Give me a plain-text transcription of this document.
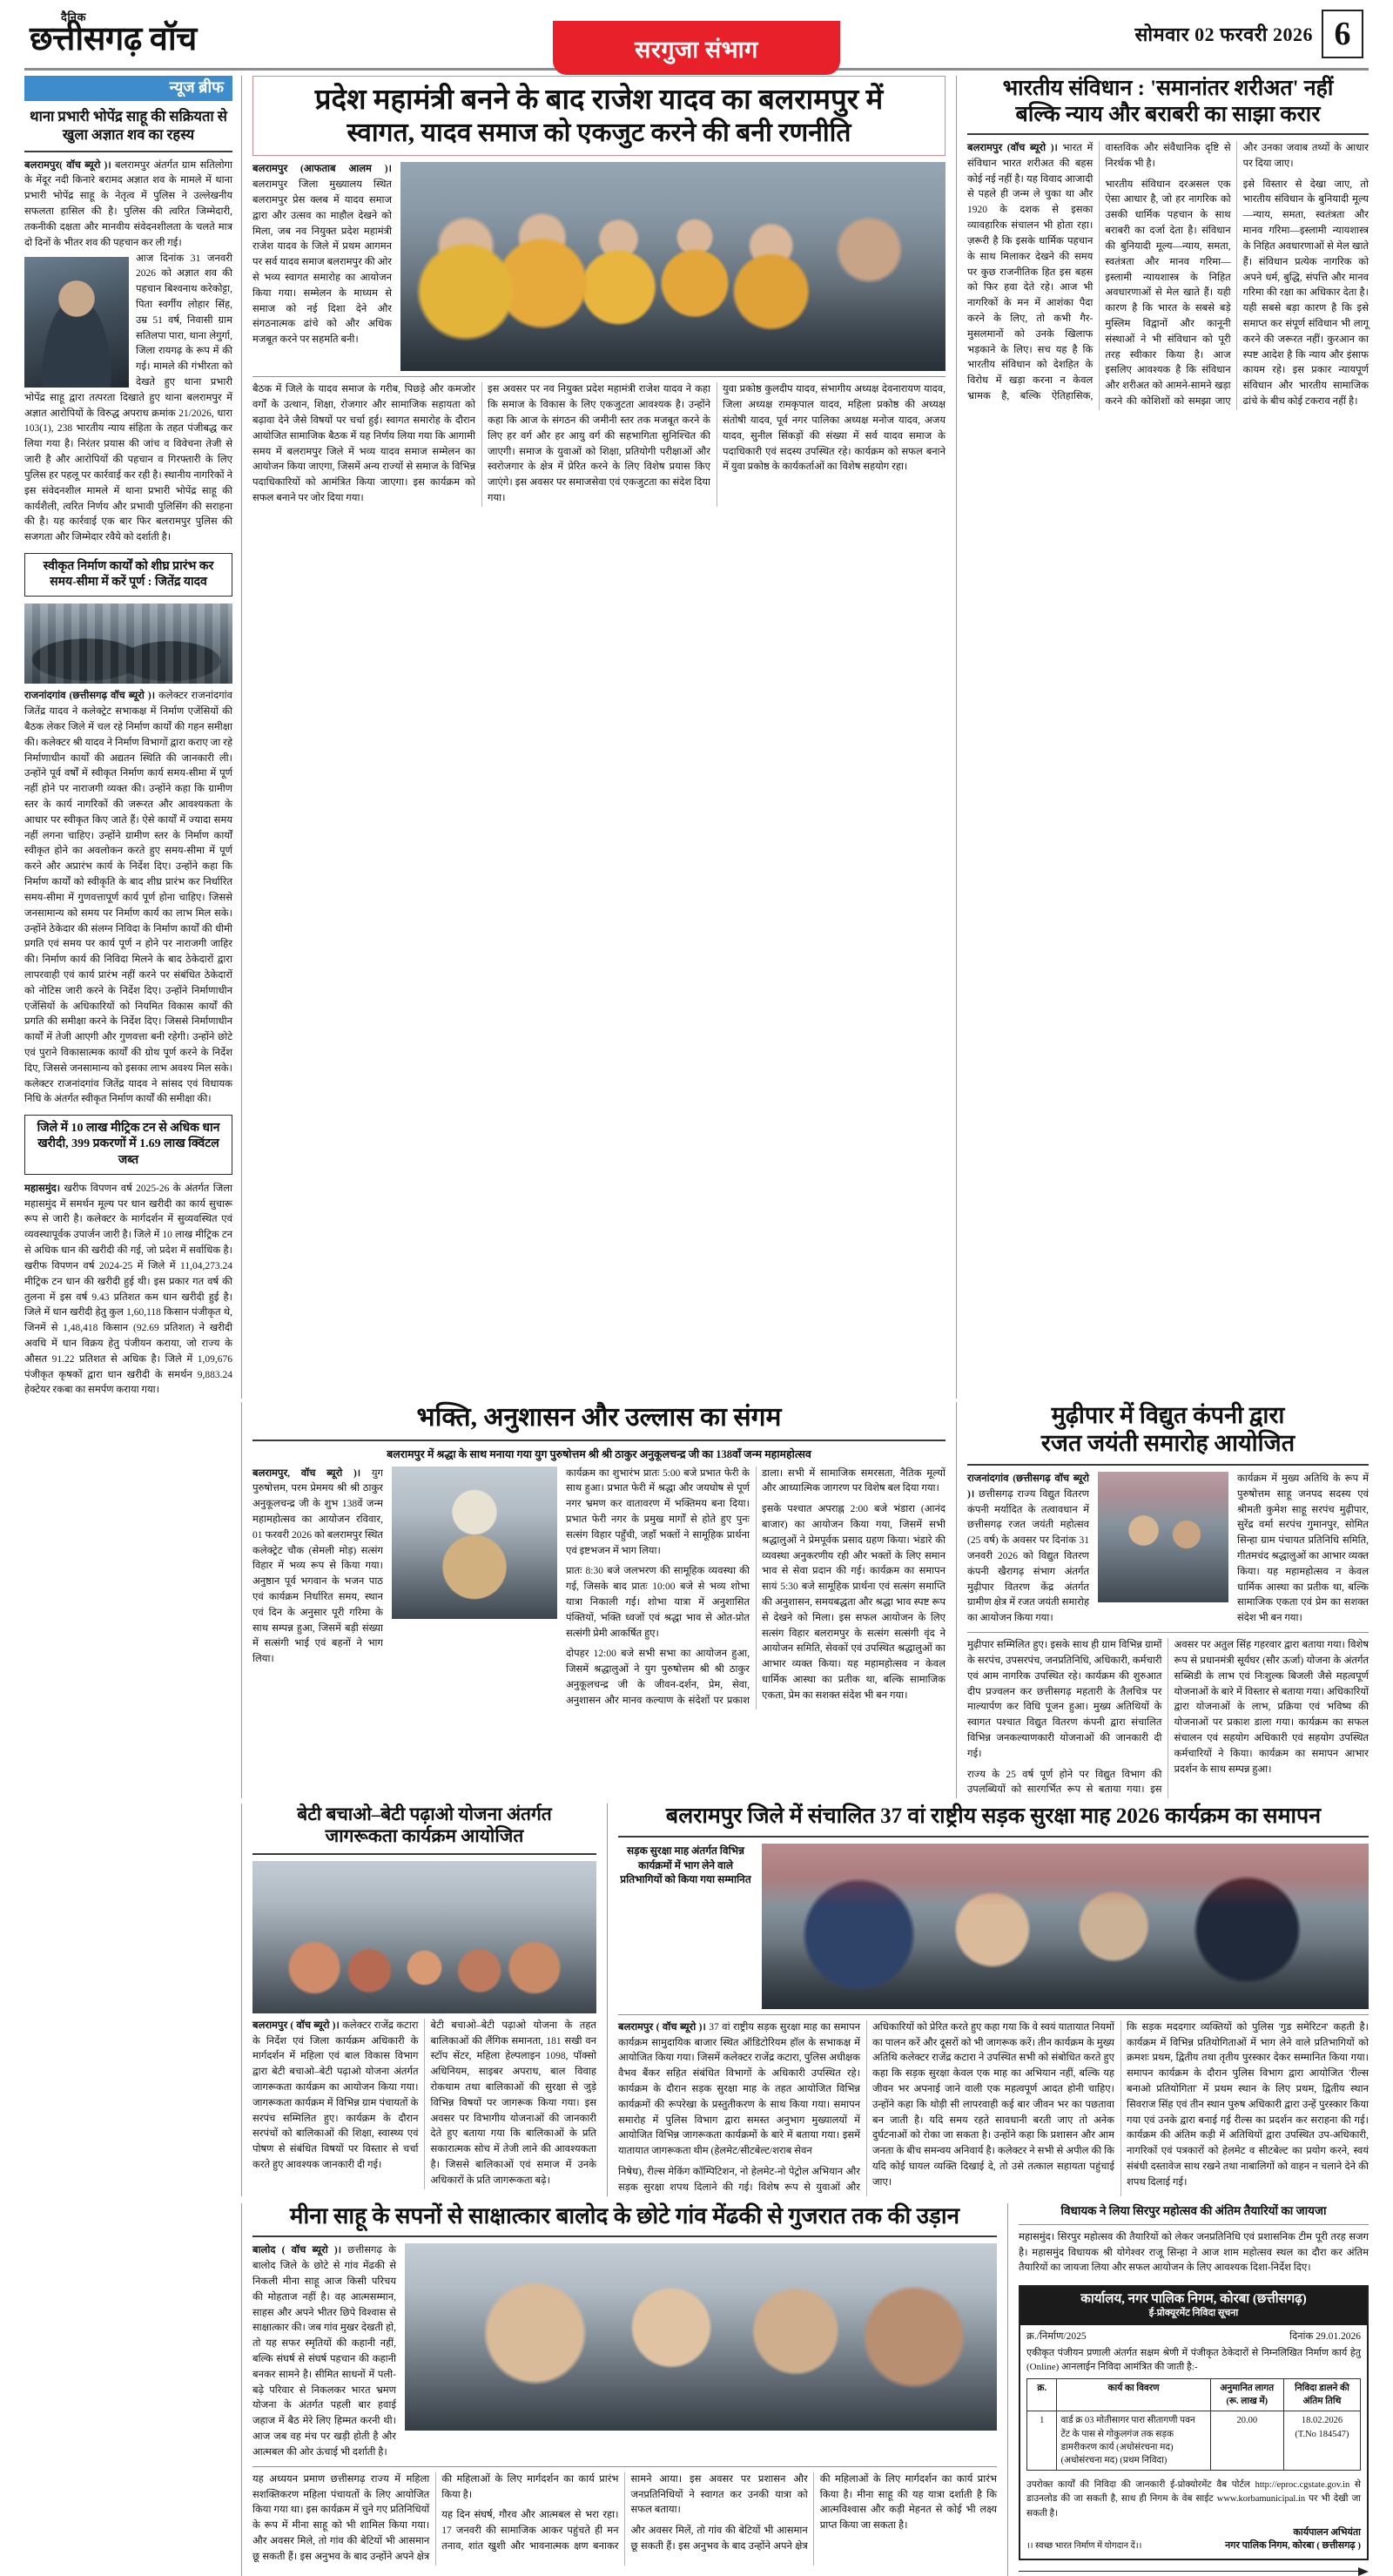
दैनिक
छत्तीसगढ़ वॉच	सरगुजा संभाग
सोमवार 02 फरवरी 2026 6
न्यूज ब्रीफ
थाना प्रभारी भाेपेंद्र साहू की सक्रियता से खुला अज्ञात शव का रहस्य
बलरामपुर( वॉच ब्यूरो )। बलरामपुर अंतर्गत ग्राम सतिलोगा के मेंदूर नदी किनारे बरामद अज्ञात शव के मामले में थाना प्रभारी भाेपेंद्र साहू के नेतृत्व में पुलिस ने उल्लेखनीय सफलता हासिल की है। पुलिस की त्वरित जिम्मेदारी, तकनीकी दक्षता और मानवीय संवेदनशीलता के चलते मात्र दो दिनों के भीतर शव की पहचान कर ली गई।
आज दिनांक 31 जनवरी 2026 को अज्ञात शव की पहचान बिश्वनाथ करेकोट्टा, पिता स्वर्गीय लोहार सिंह, उम्र 51 वर्ष, निवासी ग्राम सतिलपा पारा, थाना लेगुर्गा, जिला रायगढ़ के रूप में की गई। मामले की गंभीरता को देखते हुए थाना प्रभारी भाेपेंद्र साहू द्वारा तत्परता दिखाते हुए थाना बलरामपुर में अज्ञात आरोपियों के विरुद्ध अपराध क्रमांक 21/2026, धारा 103(1), 238 भारतीय न्याय संहिता के तहत पंजीबद्ध कर लिया गया है। निरंतर प्रयास की जांच व विवेचना तेजी से जारी है और आरोपियों की पहचान व गिरफ्तारी के लिए पुलिस हर पहलू पर कार्रवाई कर रही है। स्थानीय नागरिकों ने इस संवेदनशील मामले में थाना प्रभारी भाेपेंद्र साहू की कार्यशैली, त्वरित निर्णय और प्रभावी पुलिसिंग की सराहना की है। यह कार्रवाई एक बार फिर बलरामपुर पुलिस की सजगता और जिम्मेदार रवैये को दर्शाती है।
स्वीकृत निर्माण कार्यों को शीघ्र प्रारंभ कर समय-सीमा में करें पूर्ण : जितेंद्र यादव
राजनांदगांव (छत्तीसगढ़ वॉच ब्यूरो )। कलेक्टर राजनांदगांव जितेंद्र यादव ने कलेक्ट्रेट सभाकक्ष में निर्माण एजेंसियों की बैठक लेकर जिले में चल रहे निर्माण कार्यों की गहन समीक्षा की। कलेक्टर श्री यादव ने निर्माण विभागों द्वारा कराए जा रहे निर्माणाधीन कार्यों की अद्यतन स्थिति की जानकारी ली। उन्होंने पूर्व वर्षों में स्वीकृत निर्माण कार्य समय-सीमा में पूर्ण नहीं होने पर नाराजगी व्यक्त की। उन्होंने कहा कि ग्रामीण स्तर के कार्य नागरिकों की जरूरत और आवश्यकता के आधार पर स्वीकृत किए जाते हैं। ऐसे कार्यों में ज्यादा समय नहीं लगना चाहिए। उन्होंने ग्रामीण स्तर के निर्माण कार्यों स्वीकृत होने का अवलोकन करते हुए समय-सीमा में पूर्ण करने और अप्रारंभ कार्य के निर्देश दिए। उन्होंने कहा कि निर्माण कार्यों को स्वीकृति के बाद शीघ्र प्रारंभ कर निर्धारित समय-सीमा में गुणवत्तापूर्ण कार्य पूर्ण होना चाहिए। जिससे जनसामान्य को समय पर निर्माण कार्य का लाभ मिल सके। उन्होंने ठेकेदार की संलग्न निविदा के निर्माण कार्यों की धीमी प्रगति एवं समय पर कार्य पूर्ण न होने पर नाराजगी जाहिर की। निर्माण कार्य की निविदा मिलने के बाद ठेकेदारों द्वारा लापरवाही एवं कार्य प्रारंभ नहीं करने पर संबंधित ठेकेदारों को नोटिस जारी करने के निर्देश दिए। उन्होंने निर्माणाधीन एजेंसियों के अधिकारियों को नियमित विकास कार्यों की प्रगति की समीक्षा करने के निर्देश दिए। जिससे निर्माणाधीन कार्यों में तेजी आएगी और गुणवत्ता बनी रहेगी। उन्होंने छोटे एवं पुराने विकासात्मक कार्यों की ग्रोथ पूर्ण करने के निर्देश दिए, जिससे जनसामान्य को इसका लाभ अवश्य मिल सके। कलेक्टर राजनांदगांव जितेंद्र यादव ने सांसद एवं विधायक निधि के अंतर्गत स्वीकृत निर्माण कार्यों की समीक्षा की।
जिले में 10 लाख मीट्रिक टन से अधिक धान खरीदी, 399 प्रकरणों में 1.69 लाख क्विंटल जब्त
महासमुंद। खरीफ विपणन वर्ष 2025‑26 के अंतर्गत जिला महासमुंद में समर्थन मूल्य पर धान खरीदी का कार्य सुचारू रूप से जारी है। कलेक्टर के मार्गदर्शन में सुव्यवस्थित एवं व्यवस्थापूर्वक उपार्जन जारी है। जिले में 10 लाख मीट्रिक टन से अधिक धान की खरीदी की गई, जो प्रदेश में सर्वाधिक है। खरीफ विपणन वर्ष 2024‑25 में जिले में 11,04,273.24 मीट्रिक टन धान की खरीदी हुई थी। इस प्रकार गत वर्ष की तुलना में इस वर्ष 9.43 प्रतिशत कम धान खरीदी हुई है। जिले में धान खरीदी हेतु कुल 1,60,118 किसान पंजीकृत थे, जिनमें से 1,48,418 किसान (92.69 प्रतिशत) ने खरीदी अवधि में धान विक्रय हेतु पंजीयन कराया, जो राज्य के औसत 91.22 प्रतिशत से अधिक है। जिले में 1,09,676 पंजीकृत कृषकों द्वारा धान खरीदी के समर्थन 9,883.24 हेक्टेयर रकबा का समर्पण कराया गया।
प्रदेश महामंत्री बनने के बाद राजेश यादव का बलरामपुर में
स्वागत, यादव समाज को एकजुट करने की बनी रणनीति
बलरामपुर (आफताब आलम )। बलरामपुर जिला मुख्यालय स्थित बलरामपुर प्रेस क्लब में यादव समाज द्वारा और उत्सव का माहौल देखने को मिला, जब नव नियुक्त प्रदेश महामंत्री राजेश यादव के जिले में प्रथम आगमन पर सर्व यादव समाज बलरामपुर की ओर से भव्य स्वागत समारोह का आयोजन किया गया। सम्मेलन के माध्यम से समाज को नई दिशा देने और संगठनात्मक ढांचे को और अधिक मजबूत करने पर सहमति बनी।
बैठक में जिले के यादव समाज के गरीब, पिछड़े और कमजोर वर्गों के उत्थान, शिक्षा, रोजगार और सामाजिक सहायता को बढ़ावा देने जैसे विषयों पर चर्चा हुई। स्वागत समारोह के दौरान आयोजित सामाजिक बैठक में यह निर्णय लिया गया कि आगामी समय में बलरामपुर जिले में भव्य यादव समाज सम्मेलन का आयोजन किया जाएगा, जिसमें अन्य राज्यों से समाज के विभिन्न पदाधिकारियों को आमंत्रित किया जाएगा। इस कार्यक्रम को सफल बनाने पर जोर दिया गया।
इस अवसर पर नव नियुक्त प्रदेश महामंत्री राजेश यादव ने कहा कि समाज के विकास के लिए एकजुटता आवश्यक है। उन्होंने कहा कि आज के संगठन की जमीनी स्तर तक मजबूत करने के लिए हर वर्ग और हर आयु वर्ग की सहभागिता सुनिश्चित की जाएगी। समाज के युवाओं को शिक्षा, प्रतियोगी परीक्षाओं और स्वरोजगार के क्षेत्र में प्रेरित करने के लिए विशेष प्रयास किए जाएंगे। इस अवसर पर समाजसेवा एवं एकजुटता का संदेश दिया गया।
युवा प्रकोष्ठ कुलदीप यादव, संभागीय अध्यक्ष देवनारायण यादव, जिला अध्यक्ष रामकृपाल यादव, महिला प्रकोष्ठ की अध्यक्ष संतोषी यादव, पूर्व नगर पालिका अध्यक्ष मनोज यादव, अजय यादव, सुनील सिंकड़ों की संख्या में सर्व यादव समाज के पदाधिकारी एवं सदस्य उपस्थित रहे। कार्यक्रम को सफल बनाने में युवा प्रकोष्ठ के कार्यकर्ताओं का विशेष सहयोग रहा।
भारतीय संविधान : 'समानांतर शरीअत' नहीं
बल्कि न्याय और बराबरी का साझा करार
बलरामपुर (वॉच ब्यूरो )। भारत में संविधान भारत शरीअत की बहस कोई नई नहीं है। यह विवाद आजादी से पहले ही जन्म ले चुका था और 1920 के दशक से इसका व्यावहारिक संचालन भी होता रहा। ज़रूरी है कि इसके धार्मिक पहचान के साथ मिलाकर देखने की समय पर कुछ राजनीतिक हित इस बहस को फिर हवा देते रहे। आज भी नागरिकों के मन में आशंका पैदा करने के लिए, तो कभी गैर-मुसलमानों को उनके खिलाफ भड़काने के लिए। सच यह है कि भारतीय संविधान को देशहित के विरोध में खड़ा करना न केवल भ्रामक है, बल्कि ऐतिहासिक, वास्तविक और संवैधानिक दृष्टि से निरर्थक भी है।
भारतीय संविधान दरअसल एक ऐसा आधार है, जो हर नागरिक को उसकी धार्मिक पहचान के साथ बराबरी का दर्जा देता है। संविधान की बुनियादी मूल्य—न्याय, समता, स्वतंत्रता और मानव गरिमा—इस्लामी न्यायशास्त्र के निहित अवधारणाओं से मेल खाते हैं। यही कारण है कि भारत के सबसे बड़े मुस्लिम विद्वानों और कानूनी संस्थाओं ने भी संविधान को पूरी तरह स्वीकार किया है। आज इसलिए आवश्यक है कि संविधान और शरीअत को आमने-सामने खड़ा करने की कोशिशों को समझा जाए और उनका जवाब तथ्यों के आधार पर दिया जाए।
इसे विस्तार से देखा जाए, तो भारतीय संविधान के बुनियादी मूल्य—न्याय, समता, स्वतंत्रता और मानव गरिमा—इस्लामी न्यायशास्त्र के निहित अवधारणाओं से मेल खाते हैं। संविधान प्रत्येक नागरिक को अपने धर्म, बुद्धि, संपत्ति और मानव गरिमा की रक्षा का अधिकार देता है। यही सबसे बड़ा कारण है कि इसे समाप्त कर संपूर्ण संविधान भी लागू करने की जरूरत नहीं। कुरआन का स्पष्ट आदेश है कि न्याय और इंसाफ कायम रहे। इस प्रकार न्यायपूर्ण संविधान और भारतीय सामाजिक ढांचे के बीच कोई टकराव नहीं है।
भक्ति, अनुशासन और उल्लास का संगम
बलरामपुर में श्रद्धा के साथ मनाया गया युग पुरुषोत्तम श्री श्री ठाकुर अनुकूलचन्द्र जी का 138वाँ जन्म महामहोत्सव
बलरामपुर, वॉच ब्यूरो )। युग पुरुषोत्तम, परम प्रेममय श्री श्री ठाकुर अनुकूलचन्द्र जी के शुभ 138वें जन्म महामहोत्सव का आयोजन रविवार, 01 फरवरी 2026 को बलरामपुर स्थित कलेक्ट्रेट चौक (सेमली मोड़) सत्संग विहार में भव्य रूप से किया गया। अनुष्ठान पूर्व भगवान के भजन पाठ एवं कार्यक्रम निर्धारित समय, स्थान एवं दिन के अनुसार पूरी गरिमा के साथ सम्पन्न हुआ, जिसमें बड़ी संख्या में सत्संगी भाई एवं बहनों ने भाग लिया।
कार्यक्रम का शुभारंभ प्रातः 5:00 बजे प्रभात फेरी के साथ हुआ। प्रभात फेरी में श्रद्धा और जयघोष से पूर्ण नगर भ्रमण कर वातावरण में भक्तिमय बना दिया। प्रभात फेरी नगर के प्रमुख मार्गों से होते हुए पुनः सत्संग विहार पहुँची, जहाँ भक्तों ने सामूहिक प्रार्थना एवं इष्टभजन में भाग लिया।
प्रातः 8:30 बजे जलभरण की सामूहिक व्यवस्था की गई, जिसके बाद प्रातः 10:00 बजे से भव्य शोभा यात्रा निकाली गई। शोभा यात्रा में अनुशासित पंक्तियों, भक्ति ध्वजों एवं श्रद्धा भाव से ओत-प्रोत सत्संगी प्रेमी आकर्षित हुए।
दोपहर 12:00 बजे सभी सभा का आयोजन हुआ, जिसमें श्रद्धालुओं ने युग पुरुषोत्तम श्री श्री ठाकुर अनुकूलचन्द्र जी के जीवन-दर्शन, प्रेम, सेवा, अनुशासन और मानव कल्याण के संदेशों पर प्रकाश डाला। सभी में सामाजिक समरसता, नैतिक मूल्यों और आध्यात्मिक जागरण पर विशेष बल दिया गया।
इसके पश्चात अपराह्न 2:00 बजे भंडारा (आनंद बाजार) का आयोजन किया गया, जिसमें सभी श्रद्धालुओं ने प्रेमपूर्वक प्रसाद ग्रहण किया। भंडारे की व्यवस्था अनुकरणीय रही और भक्तों के लिए समान भाव से सेवा प्रदान की गई। कार्यक्रम का समापन सायं 5:30 बजे सामूहिक प्रार्थना एवं सत्संग समाप्ति की अनुशासन, समयबद्धता और श्रद्धा भाव स्पष्ट रूप से देखने को मिला। इस सफल आयोजन के लिए सत्संग विहार बलरामपुर के सत्संग सत्संगी वृंद ने आयोजन समिति, सेवकों एवं उपस्थित श्रद्धालुओं का आभार व्यक्त किया। यह महामहोत्सव न केवल धार्मिक आस्था का प्रतीक था, बल्कि सामाजिक एकता, प्रेम का सशक्त संदेश भी बन गया।
मुढ़ीपार में विद्युत कंपनी द्वारा
रजत जयंती समारोह आयोजित
राजनांदगांव (छत्तीसगढ़ वॉच ब्यूरो )। छत्तीसगढ़ राज्य विद्युत वितरण कंपनी मर्यादित के तत्वावधान में छत्तीसगढ़ रजत जयंती महोत्सव (25 वर्ष) के अवसर पर दिनांक 31 जनवरी 2026 को विद्युत वितरण कंपनी खैरागढ़ संभाग अंतर्गत मुढ़ीपार वितरण केंद्र अंतर्गत ग्रामीण क्षेत्र में रजत जयंती समारोह का आयोजन किया गया।
कार्यक्रम में मुख्य अतिथि के रूप में पुरुषोत्तम साहू जनपद सदस्य एवं श्रीमती कुमेश साहू सरपंच मुढ़ीपार, सुरेंद्र वर्मा सरपंच गुमानपुर, सोमित सिन्हा ग्राम पंचायत प्रतिनिधि समिति, गीतमचंद श्रद्धालुओं का आभार व्यक्त किया। यह महामहोत्सव न केवल धार्मिक आस्था का प्रतीक था, बल्कि सामाजिक एकता एवं प्रेम का सशक्त संदेश भी बन गया।
मुढ़ीपार सम्मिलित हुए। इसके साथ ही ग्राम विभिन्न ग्रामों के सरपंच, उपसरपंच, जनप्रतिनिधि, अधिकारी, कर्मचारी एवं आम नागरिक उपस्थित रहे। कार्यक्रम की शुरुआत दीप प्रज्वलन कर छत्तीसगढ़ महतारी के तैलचित्र पर माल्यार्पण कर विधि पूजन हुआ। मुख्य अतिथियों के स्वागत पश्चात विद्युत वितरण कंपनी द्वारा संचालित विभिन्न जनकल्याणकारी योजनाओं की जानकारी दी गई।
राज्य के 25 वर्ष पूर्ण होने पर विद्युत विभाग की उपलब्धियों को सारगर्भित रूप से बताया गया। इस अवसर पर अतुल सिंह गहरवार द्वारा बताया गया। विशेष रूप से प्रधानमंत्री सूर्यघर (सौर ऊर्जा) योजना के अंतर्गत सब्सिडी के लाभ एवं निःशुल्क बिजली जैसे महत्वपूर्ण योजनाओं के बारे में विस्तार से बताया गया। अधिकारियों द्वारा योजनाओं के लाभ, प्रक्रिया एवं भविष्य की योजनाओं पर प्रकाश डाला गया। कार्यक्रम का सफल संचालन एवं सहयोग अधिकारी एवं सहयोग उपस्थित कर्मचारियों ने किया। कार्यक्रम का समापन आभार प्रदर्शन के साथ सम्पन्न हुआ।
बेटी बचाओ–बेटी पढ़ाओ योजना अंतर्गत
जागरूकता कार्यक्रम आयोजित
बलरामपुर ( वॉच ब्यूरो )। कलेक्टर राजेंद्र कटारा के निर्देश एवं जिला कार्यक्रम अधिकारी के मार्गदर्शन में महिला एवं बाल विकास विभाग द्वारा बेटी बचाओ–बेटी पढ़ाओ योजना अंतर्गत जागरूकता कार्यक्रम का आयोजन किया गया। जागरूकता कार्यक्रम में विभिन्न ग्राम पंचायतों के सरपंच सम्मिलित हुए। कार्यक्रम के दौरान सरपंचों को बालिकाओं की शिक्षा, स्वास्थ्य एवं पोषण से संबंधित विषयों पर विस्तार से चर्चा करते हुए आवश्यक जानकारी दी गई।
बेटी बचाओ–बेटी पढ़ाओ योजना के तहत बालिकाओं की लैंगिक समानता, 181 सखी वन स्टॉप सेंटर, महिला हेल्पलाइन 1098, पॉक्सो अधिनियम, साइबर अपराध, बाल विवाह रोकथाम तथा बालिकाओं की सुरक्षा से जुड़े विभिन्न विषयों पर जागरूक किया गया। इस अवसर पर विभागीय योजनाओं की जानकारी देते हुए बताया गया कि बालिकाओं के प्रति सकारात्मक सोच में तेजी लाने की आवश्यकता है। जिससे बालिकाओं एवं समाज में उनके अधिकारों के प्रति जागरूकता बढ़े।
बलरामपुर जिले में संचालित 37 वां राष्ट्रीय सड़क सुरक्षा माह 2026 कार्यक्रम का समापन
सड़क सुरक्षा माह अंतर्गत विभिन्न कार्यक्रमों में भाग लेने वाले प्रतिभागियों को किया गया सम्मानित
बलरामपुर ( वॉच ब्यूरो )। 37 वां राष्ट्रीय सड़क सुरक्षा माह का समापन कार्यक्रम सामुदायिक बाजार स्थित ऑडिटोरियम हॉल के सभाकक्ष में आयोजित किया गया। जिसमें कलेक्टर राजेंद्र कटारा, पुलिस अधीक्षक वैभव बैंकर सहित संबंधित विभागों के अधिकारी उपस्थित रहे। कार्यक्रम के दौरान सड़क सुरक्षा माह के तहत आयोजित विभिन्न कार्यक्रमों की रूपरेखा के प्रस्तुतीकरण के साथ किया गया। समापन समारोह में पुलिस विभाग द्वारा समस्त अनुभाग मुख्यालयों में आयोजित विभिन्न जागरूकता कार्यक्रमों के बारे में बताया गया। इसमें यातायात जागरूकता थीम (हेलमेट/सीटबेल्ट/शराब सेवन
निषेध), रील्स मेकिंग कॉम्पिटिशन, नो हेलमेट-नो पेट्रोल अभियान और सड़क सुरक्षा शपथ दिलाने की गई। विशेष रूप से युवाओं और अधिकारियों को प्रेरित करते हुए कहा गया कि वे स्वयं यातायात नियमों का पालन करें और दूसरों को भी जागरूक करें। तीन कार्यक्रम के मुख्य अतिथि कलेक्टर राजेंद्र कटारा ने उपस्थित सभी को संबोधित करते हुए कहा कि सड़क सुरक्षा केवल एक माह का अभियान नहीं, बल्कि यह जीवन भर अपनाई जाने वाली एक महत्वपूर्ण आदत होनी चाहिए। उन्होंने कहा कि थोड़ी सी लापरवाही कई बार जीवन भर का पछतावा बन जाती है। यदि समय रहते सावधानी बरती जाए तो अनेक दुर्घटनाओं को रोका जा सकता है। उन्होंने कहा कि प्रशासन और आम जनता के बीच समन्वय अनिवार्य है। कलेक्टर ने सभी से अपील की कि यदि कोई घायल व्यक्ति दिखाई दे, तो उसे तत्काल सहायता पहुंचाई जाए।
कि सड़क मददगार व्यक्तियों को पुलिस 'गुड समेरिटन' कहती है। कार्यक्रम में विभिन्न प्रतियोगिताओं में भाग लेने वाले प्रतिभागियों को क्रमशः प्रथम, द्वितीय तथा तृतीय पुरस्कार देकर सम्मानित किया गया। समापन कार्यक्रम के दौरान पुलिस विभाग द्वारा आयोजित 'रील्स बनाओ प्रतियोगिता' में प्रथम स्थान के लिए प्रथम, द्वितीय स्थान सिवराज सिंह एवं तीन स्थान पुरुष अधिकारी द्वारा उन्हें पुरस्कार किया गया एवं उनके द्वारा बनाई गई रील्स का प्रदर्शन कर सराहना की गई। कार्यक्रम की अंतिम कड़ी में अतिथियों द्वारा उपस्थित उप-अधिकारी, नागरिकों एवं पत्रकारों को हेलमेट व सीटबेल्ट का प्रयोग करने, स्वयं संबंधी दस्तावेज साथ रखने तथा नाबालिगों को वाहन न चलाने देने की शपथ दिलाई गई।
मीना साहू के सपनों से साक्षात्कार बालोद के छोटे गांव मेंढकी से गुजरात तक की उड़ान
बालोद ( वॉच ब्यूरो )। छत्तीसगढ़ के बालोद जिले के छोटे से गांव मेंढकी से निकली मीना साहू आज किसी परिचय की मोहताज नहीं है। वह आत्मसम्मान, साहस और अपने भीतर छिपे विश्वास से साक्षात्कार की। जब गांव मुखर देखती हो, तो यह सफर स्मृतियों की कहानी नहीं, बल्कि संघर्ष से संघर्ष पहचान की कहानी बनकर सामने है। सीमित साधनों में पली-बढ़े परिवार से निकलकर भारत भ्रमण योजना के अंतर्गत पहली बार हवाई जहाज में बैठ मेरे लिए हिम्मत करनी थी। आज जब वह मंच पर खड़ी होती है और आत्मबल की ओर ऊंचाई भी दर्शाती है।
यह अध्ययन प्रमाण छत्तीसगढ़ राज्य में महिला सशक्तिकरण महिला पंचायतों के लिए आयोजित किया गया था। इस कार्यक्रम में चुने गए प्रतिनिधियों के रूप में मीना साहू को भी शामिल किया गया। और अवसर मिले, तो गांव की बेटियों भी आसमान छू सकती हैं। इस अनुभव के बाद उन्होंने अपने क्षेत्र की महिलाओं के लिए मार्गदर्शन का कार्य प्रारंभ किया है।
यह दिन संघर्ष, गौरव और आत्मबल से भरा रहा। 17 जनवरी की सामाजिक आकर पहुंचते ही मन तनाव, शांत खुशी और भावनात्मक क्षण बनाकर सामने आया। इस अवसर पर प्रशासन और जनप्रतिनिधियों ने स्वागत कर उनकी यात्रा को सफल बताया।
और अवसर मिलें, तो गांव की बेटियों भी आसमान छू सकती हैं। इस अनुभव के बाद उन्होंने अपने क्षेत्र की महिलाओं के लिए मार्गदर्शन का कार्य प्रारंभ किया है। मीना साहू की यह यात्रा दर्शाती है कि आत्मविश्वास और कड़ी मेहनत से कोई भी लक्ष्य प्राप्त किया जा सकता है।
विधायक ने लिया सिरपुर महोत्सव की अंतिम तैयारियों का जायजा
महासमुंद। सिरपुर महोत्सव की तैयारियों को लेकर जनप्रतिनिधि एवं प्रशासनिक टीम पूरी तरह सजग है। महासमुंद विधायक श्री योगेश्वर राजू सिन्हा ने आज शाम महोत्सव स्थल का दौरा कर अंतिम तैयारियों का जायजा लिया और सफल आयोजन के लिए आवश्यक दिशा-निर्देश दिए।
कार्यालय, नगर पालिक निगम, कोरबा (छत्तीसगढ़)
ई-प्रोक्यूरमेंट निविदा सूचना
क्र./निर्माण/2025	दिनांक 29.01.2026
एकीकृत पंजीयन प्रणाली अंतर्गत सक्षम श्रेणी में पंजीकृत ठेकेदारों से निम्नलिखित निर्माण कार्य हेतु (Online) आनलाईन निविदा आमंत्रित की जाती है:-
क्र.	कार्य का विवरण	अनुमानित लागत (रू. लाख में)	निविदा डालने की अंतिम तिथि
1	वार्ड क्र 03 मोतीसागर पारा सीतागणी पवन टेंट के पास से गोकुलगंज तक सड़क डामरीकरण कार्य (अधोसंरचना मद) (अधोसंरचना मद) (प्रथम निविदा)	20.00	18.02.2026
(T.No 184547)
उपरोक्त कार्यों की निविदा की जानकारी ई-प्रोक्योरमेंट वैब पोर्टल http://eproc.cgstate.gov.in से डाउनलोड की जा सकती है, साथ ही निगम के वेब साईट www.korbamunicipal.in पर भी देखी जा सकती है।
।। स्वच्छ भारत निर्माण में योगदान दें।।
कार्यपालन अभियंता
नगर पालिक निगम, कोरबा ( छत्तीसगढ़ )
